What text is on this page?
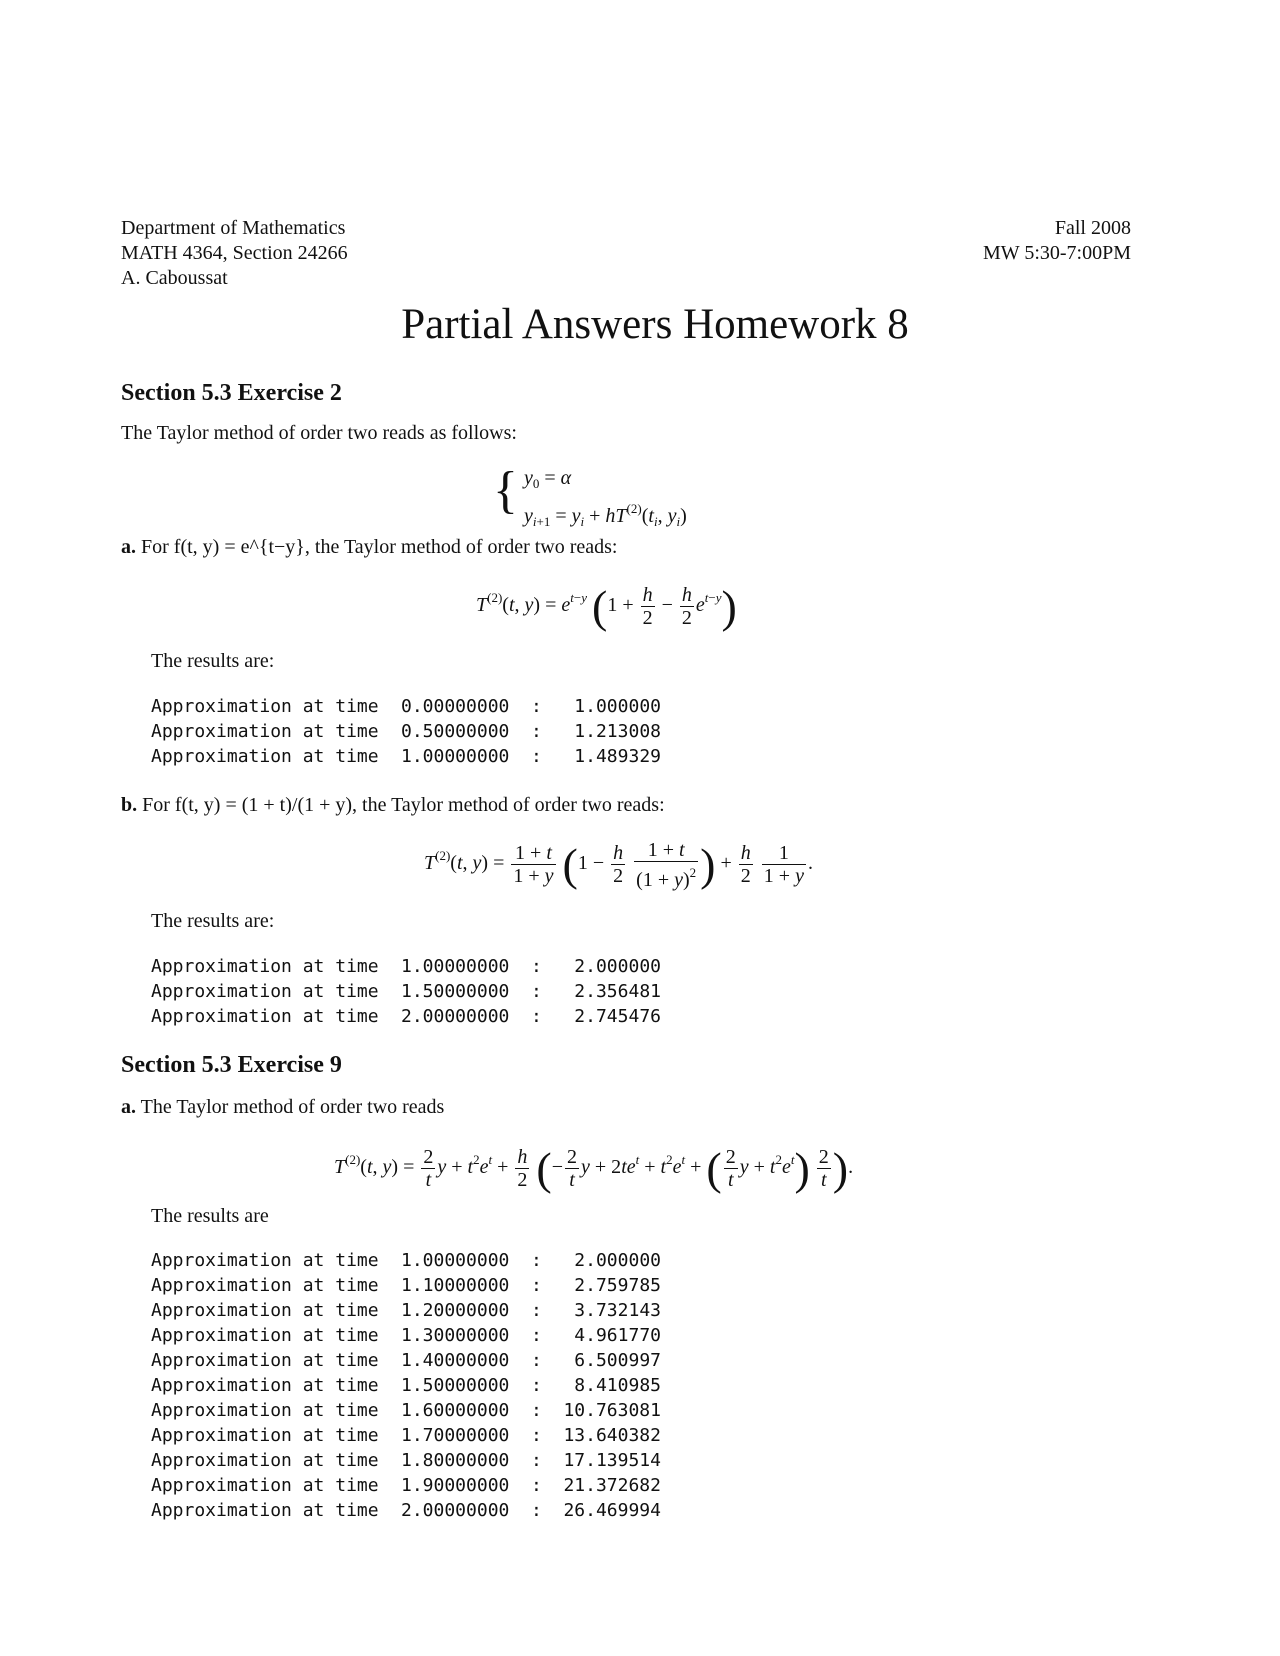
Department of Mathematics
MATH 4364, Section 24266
A. Caboussat
Fall 2008
MW 5:30-7:00PM
Partial Answers Homework 8
Section 5.3 Exercise 2
The Taylor method of order two reads as follows:
{ $y_0 = \alpha$
$y_{i+1} = y_i + hT^{(2)}(t_i$, $y_i$)
a. For f(t, y) = e^{t−y}, the Taylor method of order two reads:
$T^{(2)}(t$, $y) = e^{t-y}$ $(1 + \frac{h}{2} - \frac{h}{2} e^{t-y})$
The results are:
Approximation at time	0.00000000	:	1.000000
Approximation at time	0.50000000	:	1.213008
Approximation at time	1.00000000	:	1.489329
b. For f(t, y) = (1 + t)/(1 + y), the Taylor method of order two reads:
$T^{(2)}(t$, $y) = \frac{1 + t}{1 + y} (1 - \frac{h}{2}$
$\frac{1 + t}{(1 + y)^2}$ ) + $\frac{h}{2}$
$\frac{1}{1 + y}$ .
The results are:
Approximation at time	1.00000000	:	2.000000
Approximation at time	1.50000000	:	2.356481
Approximation at time	2.00000000	:	2.745476
Section 5.3 Exercise 9
a. The Taylor method of order two reads
$T^{(2)}(t$, $y) = \frac{2}{t}$ $y + t^2e^t + \frac{h}{2}$ (− $\frac{2}{t}$ $y + 2te^t + t^2e^t$ + ( $\frac{2}{t}$ $y + t^2e^t) \frac{2}{t}$ ).
The results are
Approximation at time	1.00000000	:	2.000000
Approximation at time	1.10000000	:	2.759785
Approximation at time	1.20000000	:	3.732143
Approximation at time	1.30000000	:	4.961770
Approximation at time	1.40000000	:	6.500997
Approximation at time	1.50000000	:	8.410985
Approximation at time	1.60000000	:	10.763081
Approximation at time	1.70000000	:	13.640382
Approximation at time	1.80000000	:	17.139514
Approximation at time	1.90000000	:	21.372682
Approximation at time	2.00000000	:	26.469994
